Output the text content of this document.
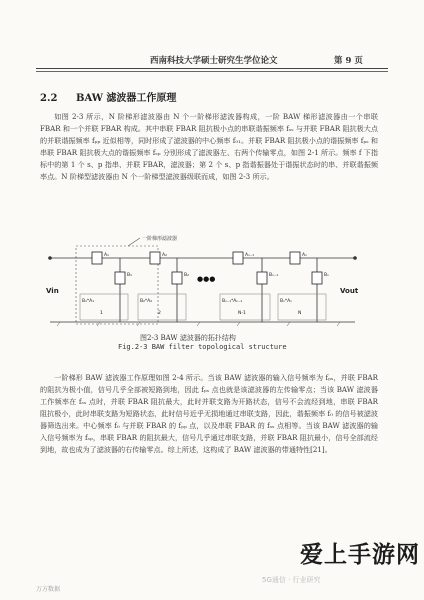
西南科技大学硕士研究生学位论文	第 9 页
2.2 BAW 滤波器工作原理
如图 2-3 所示，N 阶梯形滤波器由 N 个一阶梯形滤波器构成，一阶 BAW 梯形滤波器由一个串联 FBAR 和一个并联 FBAR 构成。其中串联 FBAR 阻抗极小点的串联谐振频率 fₛₛ 与并联 FBAR 阻抗极大点的并联谐振频率 fₚₚ 近似相等，同时形成了滤波器的中心频率 f₀₁。并联 FBAR 阻抗极小点的谐振频率 fₚₛ 和串联 FBAR 阻抗极大点的谐振频率 fₛₚ 分别形成了滤波器左、右两个传输零点，如图 2-1 所示。频率 f 下指标中的第 1 个 s、p 指串、并联 FBAR，滤波器；第 2 个 s、p 指谐振器处于谐振状态时的串、并联谐振频率点。N 阶梯型滤波器由 N 个一阶梯型滤波器级联而成，如图 2-3 所示。
一阶梯形滤波器
Vin	Vout
A₁	A₂	Aₙ₋₁	Aₙ
B₁	B₂	Bₙ₋₁	Bₙ
B₁*A₁
1
B₂*A₂
2
●●●
Bₙ₋₁*Aₙ₋₁
N-1
Bₙ*Aₙ
N
图2-3 BAW 滤波器的拓扑结构
Fig.2-3 BAW filter topological structure
一阶梯形 BAW 滤波器工作原理如图 2-4 所示。当该 BAW 滤波器的输入信号频率为 fₚₛ，并联 FBAR 的阻抗为极小值，信号几乎全部被短路到地，因此 fₚₛ 点也就是该滤波器的左传输零点；当该 BAW 滤波器工作频率在 fₛₛ 点时，并联 FBAR 阻抗最大，此时并联支路为开路状态，信号不会流经到地，串联 FBAR 阻抗极小，此时串联支路为短路状态，此时信号近乎无损地通过串联支路，因此，谐振频率 f₀ 的信号被滤波器筛选出来。中心频率 f₀ 与并联 FBAR 的 fₚₚ 点，以及串联 FBAR 的 fₛₛ 点相等。当该 BAW 滤波器的输入信号频率为 fₛₚ，串联 FBAR 的阻抗最大，信号几乎通过串联支路，并联 FBAR 阻抗最小，信号全部流经到地，故也成为了滤波器的右传输零点。综上所述，这构成了 BAW 滤波器的带通特性[21]。
万方数据
5G通信 · 行业研究
爱上手游网
